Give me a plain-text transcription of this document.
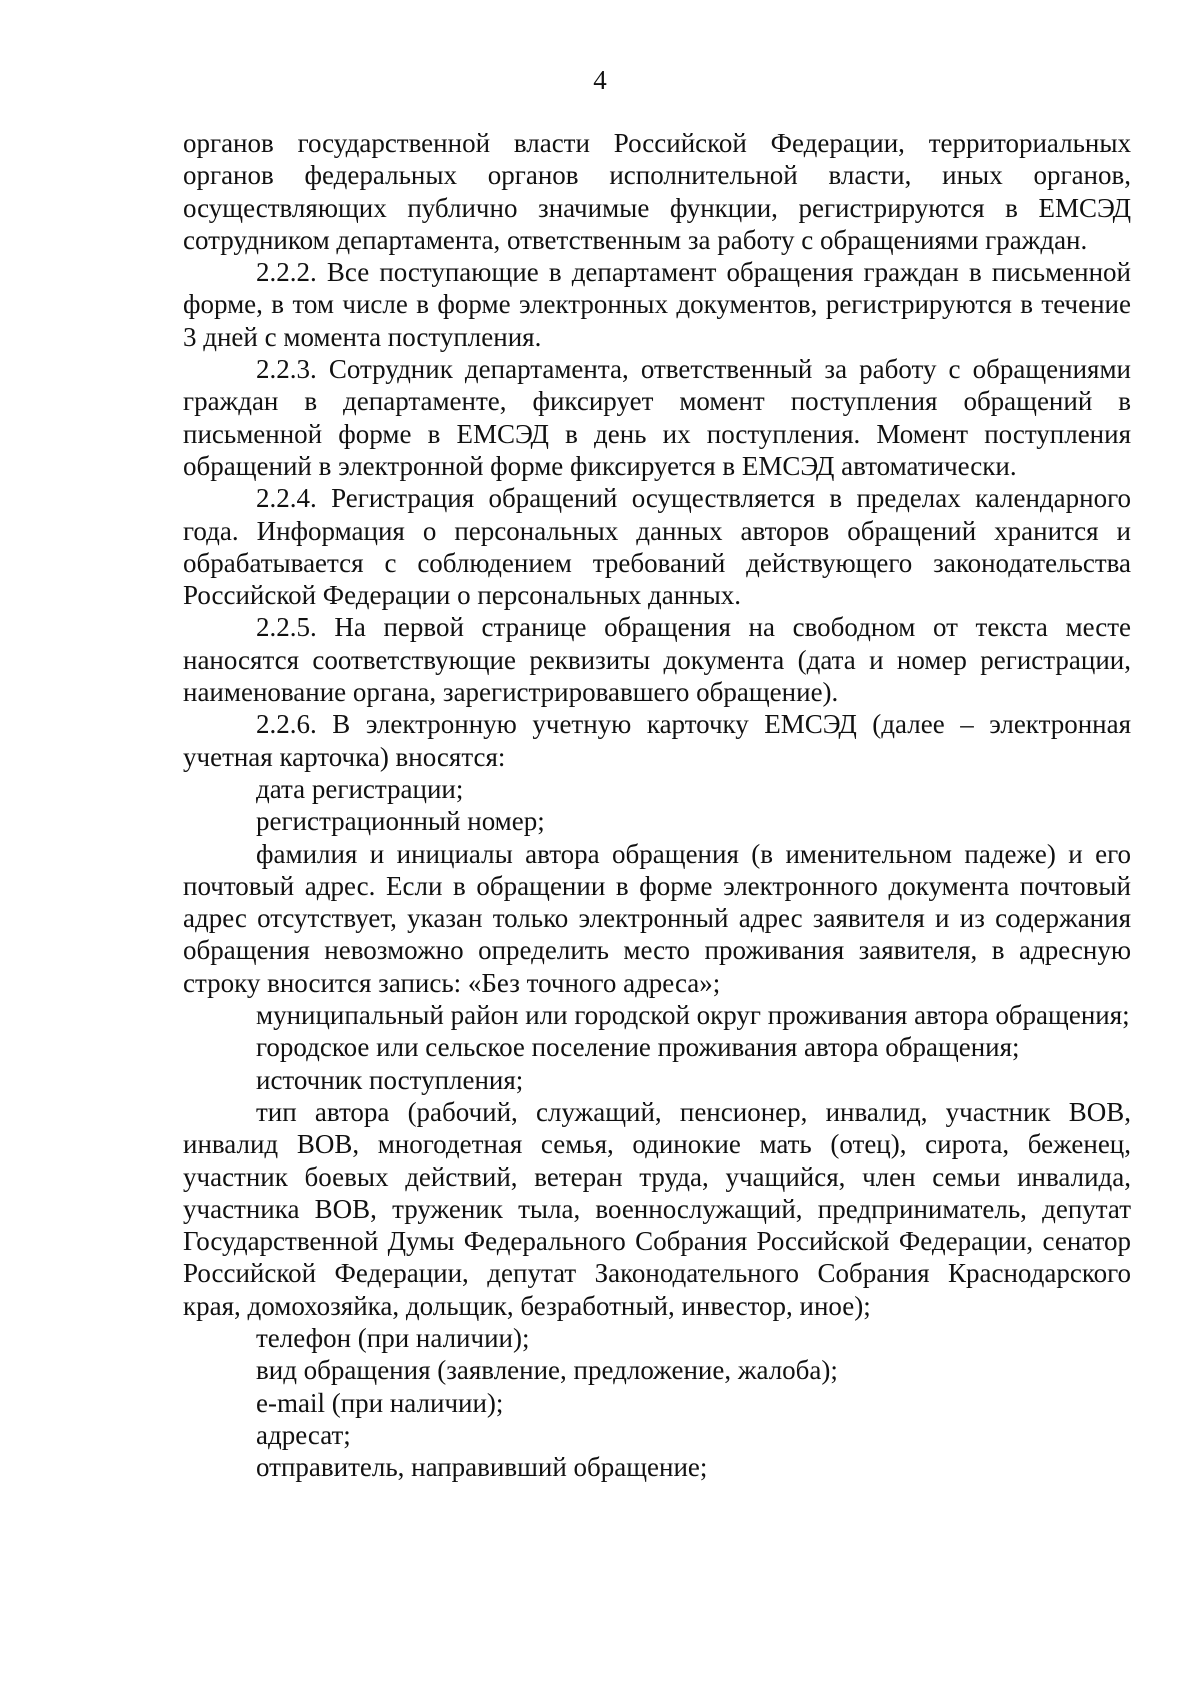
4

органов государственной власти Российской Федерации, территориальных органов федеральных органов исполнительной власти, иных органов, осуществляющих публично значимые функции, регистрируются в ЕМСЭД сотрудником департамента, ответственным за работу с обращениями граждан.

2.2.2. Все поступающие в департамент обращения граждан в письменной форме, в том числе в форме электронных документов, регистрируются в течение 3 дней с момента поступления.

2.2.3. Сотрудник департамента, ответственный за работу с обращениями граждан в департаменте, фиксирует момент поступления обращений в письменной форме в ЕМСЭД в день их поступления. Момент поступления обращений в электронной форме фиксируется в ЕМСЭД автоматически.

2.2.4. Регистрация обращений осуществляется в пределах календарного года. Информация о персональных данных авторов обращений хранится и обрабатывается с соблюдением требований действующего законодательства Российской Федерации о персональных данных.

2.2.5. На первой странице обращения на свободном от текста месте наносятся соответствующие реквизиты документа (дата и номер регистрации, наименование органа, зарегистрировавшего обращение).

2.2.6. В электронную учетную карточку ЕМСЭД (далее – электронная учетная карточка) вносятся:

дата регистрации;

регистрационный номер;

фамилия и инициалы автора обращения (в именительном падеже) и его почтовый адрес. Если в обращении в форме электронного документа почтовый адрес отсутствует, указан только электронный адрес заявителя и из содержания обращения невозможно определить место проживания заявителя, в адресную строку вносится запись: «Без точного адреса»;

муниципальный район или городской округ проживания автора обращения;

городское или сельское поселение проживания автора обращения;

источник поступления;

тип автора (рабочий, служащий, пенсионер, инвалид, участник ВОВ, инвалид ВОВ, многодетная семья, одинокие мать (отец), сирота, беженец, участник боевых действий, ветеран труда, учащийся, член семьи инвалида, участника ВОВ, труженик тыла, военнослужащий, предприниматель, депутат Государственной Думы Федерального Собрания Российской Федерации, сенатор Российской Федерации, депутат Законодательного Собрания Краснодарского края, домохозяйка, дольщик, безработный, инвестор, иное);

телефон (при наличии);

вид обращения (заявление, предложение, жалоба);

e-mail (при наличии);

адресат;

отправитель, направивший обращение;
